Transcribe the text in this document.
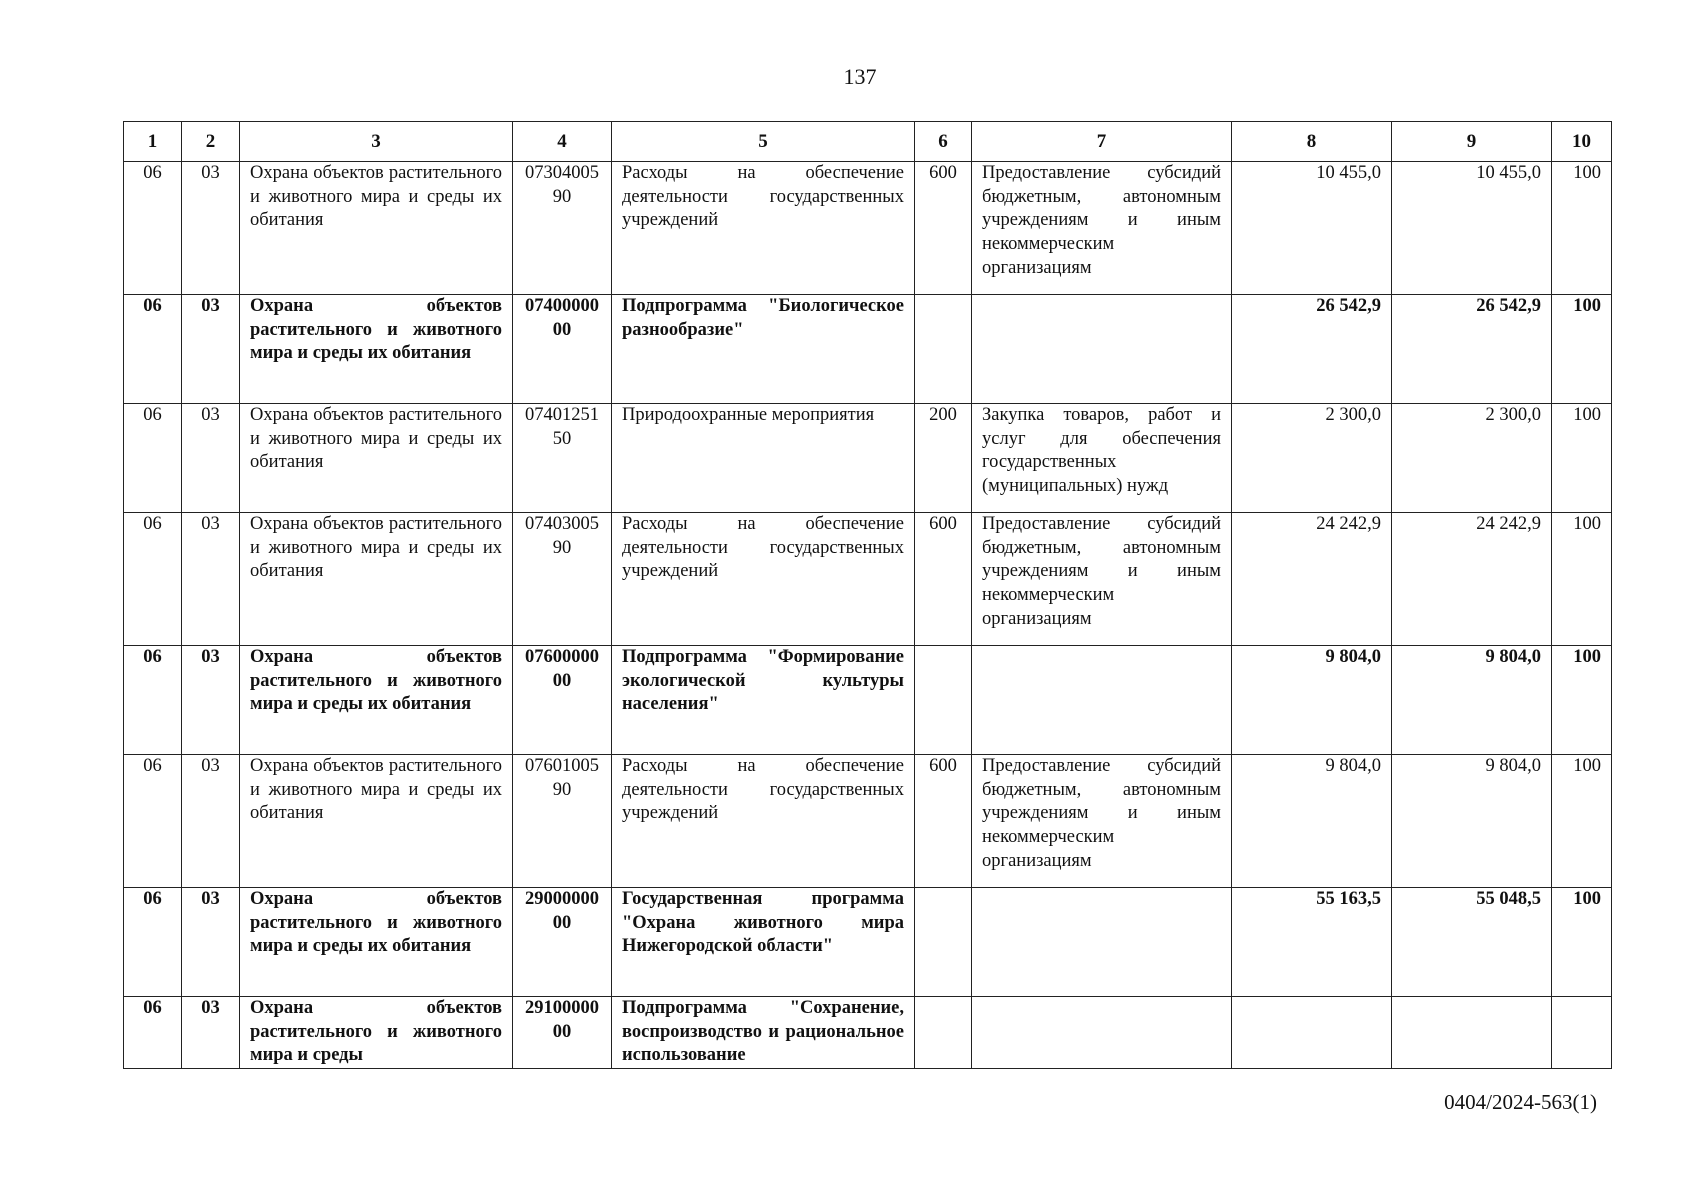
137
1	2	3	4	5	6	7	8	9	10
06	03	Охрана объектов растительного и животного мира и среды их обитания	0730400590	Расходы на обеспечение деятельности государственных учреждений	600	Предоставление субсидий бюджетным, автономным учреждениям и иным некоммерческим организациям	10 455,0	10 455,0	100
06	03	Охрана объектов растительного и животного мира и среды их обитания	0740000000	Подпрограмма "Биологическое разнообразие"			26 542,9	26 542,9	100
06	03	Охрана объектов растительного и животного мира и среды их обитания	0740125150	Природоохранные мероприятия	200	Закупка товаров, работ и услуг для обеспечения государственных (муниципальных) нужд	2 300,0	2 300,0	100
06	03	Охрана объектов растительного и животного мира и среды их обитания	0740300590	Расходы на обеспечение деятельности государственных учреждений	600	Предоставление субсидий бюджетным, автономным учреждениям и иным некоммерческим организациям	24 242,9	24 242,9	100
06	03	Охрана объектов растительного и животного мира и среды их обитания	0760000000	Подпрограмма "Формирование экологической культуры населения"			9 804,0	9 804,0	100
06	03	Охрана объектов растительного и животного мира и среды их обитания	0760100590	Расходы на обеспечение деятельности государственных учреждений	600	Предоставление субсидий бюджетным, автономным учреждениям и иным некоммерческим организациям	9 804,0	9 804,0	100
06	03	Охрана объектов растительного и животного мира и среды их обитания	2900000000	Государственная программа "Охрана животного мира Нижегородской области"			55 163,5	55 048,5	100
06	03	Охрана объектов растительного и животного мира и среды	2910000000	Подпрограмма "Сохранение, воспроизводство и рациональное использование					
0404/2024-563(1)
